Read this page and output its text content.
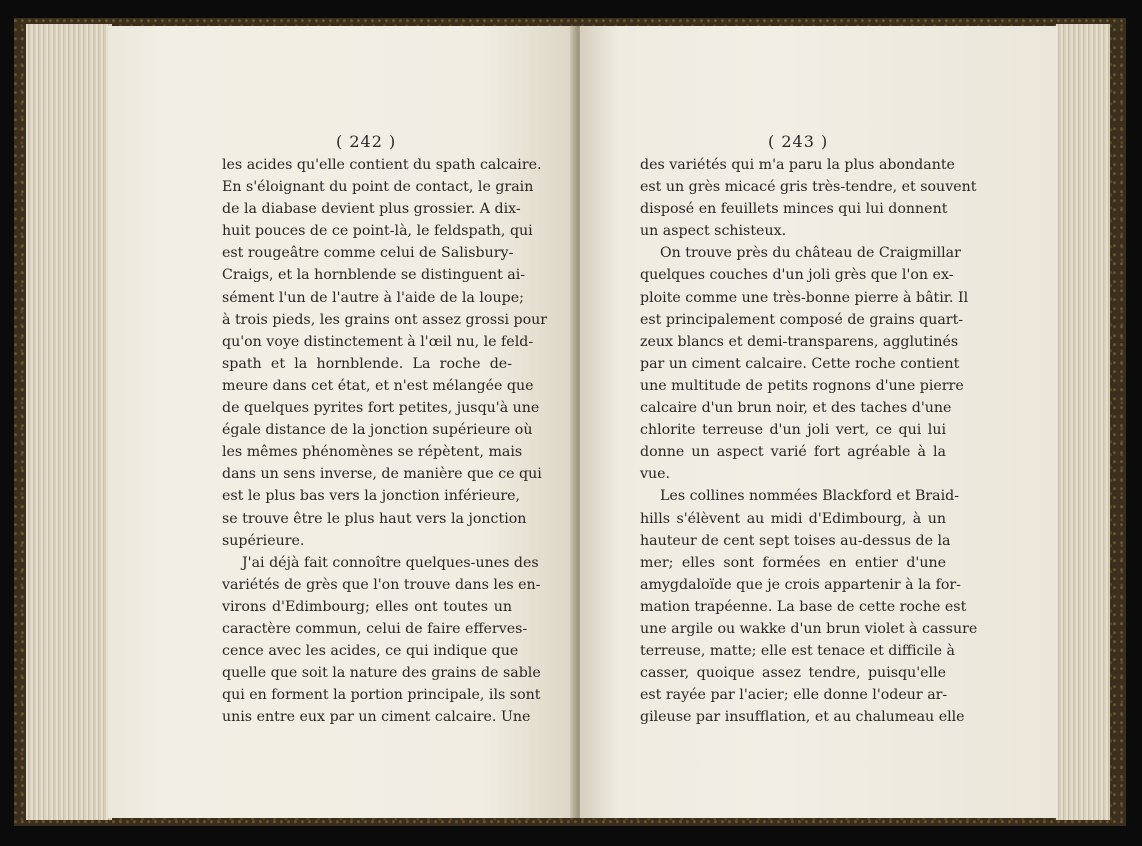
( 242 )
les acides qu'elle contient du spath calcaire.
En s'éloignant du point de contact, le grain
de la diabase devient plus grossier. A dix-
huit pouces de ce point-là, le feldspath, qui
est rougeâtre comme celui de Salisbury-
Craigs, et la hornblende se distinguent ai-
sément l'un de l'autre à l'aide de la loupe;
à trois pieds, les grains ont assez grossi pour
qu'on voye distinctement à l'œil nu, le feld-
spath et la hornblende. La roche de-
meure dans cet état, et n'est mélangée que
de quelques pyrites fort petites, jusqu'à une
égale distance de la jonction supérieure où
les mêmes phénomènes se répètent, mais
dans un sens inverse, de manière que ce qui
est le plus bas vers la jonction inférieure,
se trouve être le plus haut vers la jonction
supérieure.
J'ai déjà fait connoître quelques-unes des
variétés de grès que l'on trouve dans les en-
virons d'Edimbourg; elles ont toutes un
caractère commun, celui de faire efferves-
cence avec les acides, ce qui indique que
quelle que soit la nature des grains de sable
qui en forment la portion principale, ils sont
unis entre eux par un ciment calcaire. Une
( 243 )
des variétés qui m'a paru la plus abondante
est un grès micacé gris très-tendre, et souvent
disposé en feuillets minces qui lui donnent
un aspect schisteux.
On trouve près du château de Craigmillar
quelques couches d'un joli grès que l'on ex-
ploite comme une très-bonne pierre à bâtir. Il
est principalement composé de grains quart-
zeux blancs et demi-transparens, agglutinés
par un ciment calcaire. Cette roche contient
une multitude de petits rognons d'une pierre
calcaire d'un brun noir, et des taches d'une
chlorite terreuse d'un joli vert, ce qui lui
donne un aspect varié fort agréable à la
vue.
Les collines nommées Blackford et Braid-
hills s'élèvent au midi d'Edimbourg, à un
hauteur de cent sept toises au-dessus de la
mer; elles sont formées en entier d'une
amygdaloïde que je crois appartenir à la for-
mation trapéenne. La base de cette roche est
une argile ou wakke d'un brun violet à cassure
terreuse, matte; elle est tenace et difficile à
casser, quoique assez tendre, puisqu'elle
est rayée par l'acier; elle donne l'odeur ar-
gileuse par insufflation, et au chalumeau elle
